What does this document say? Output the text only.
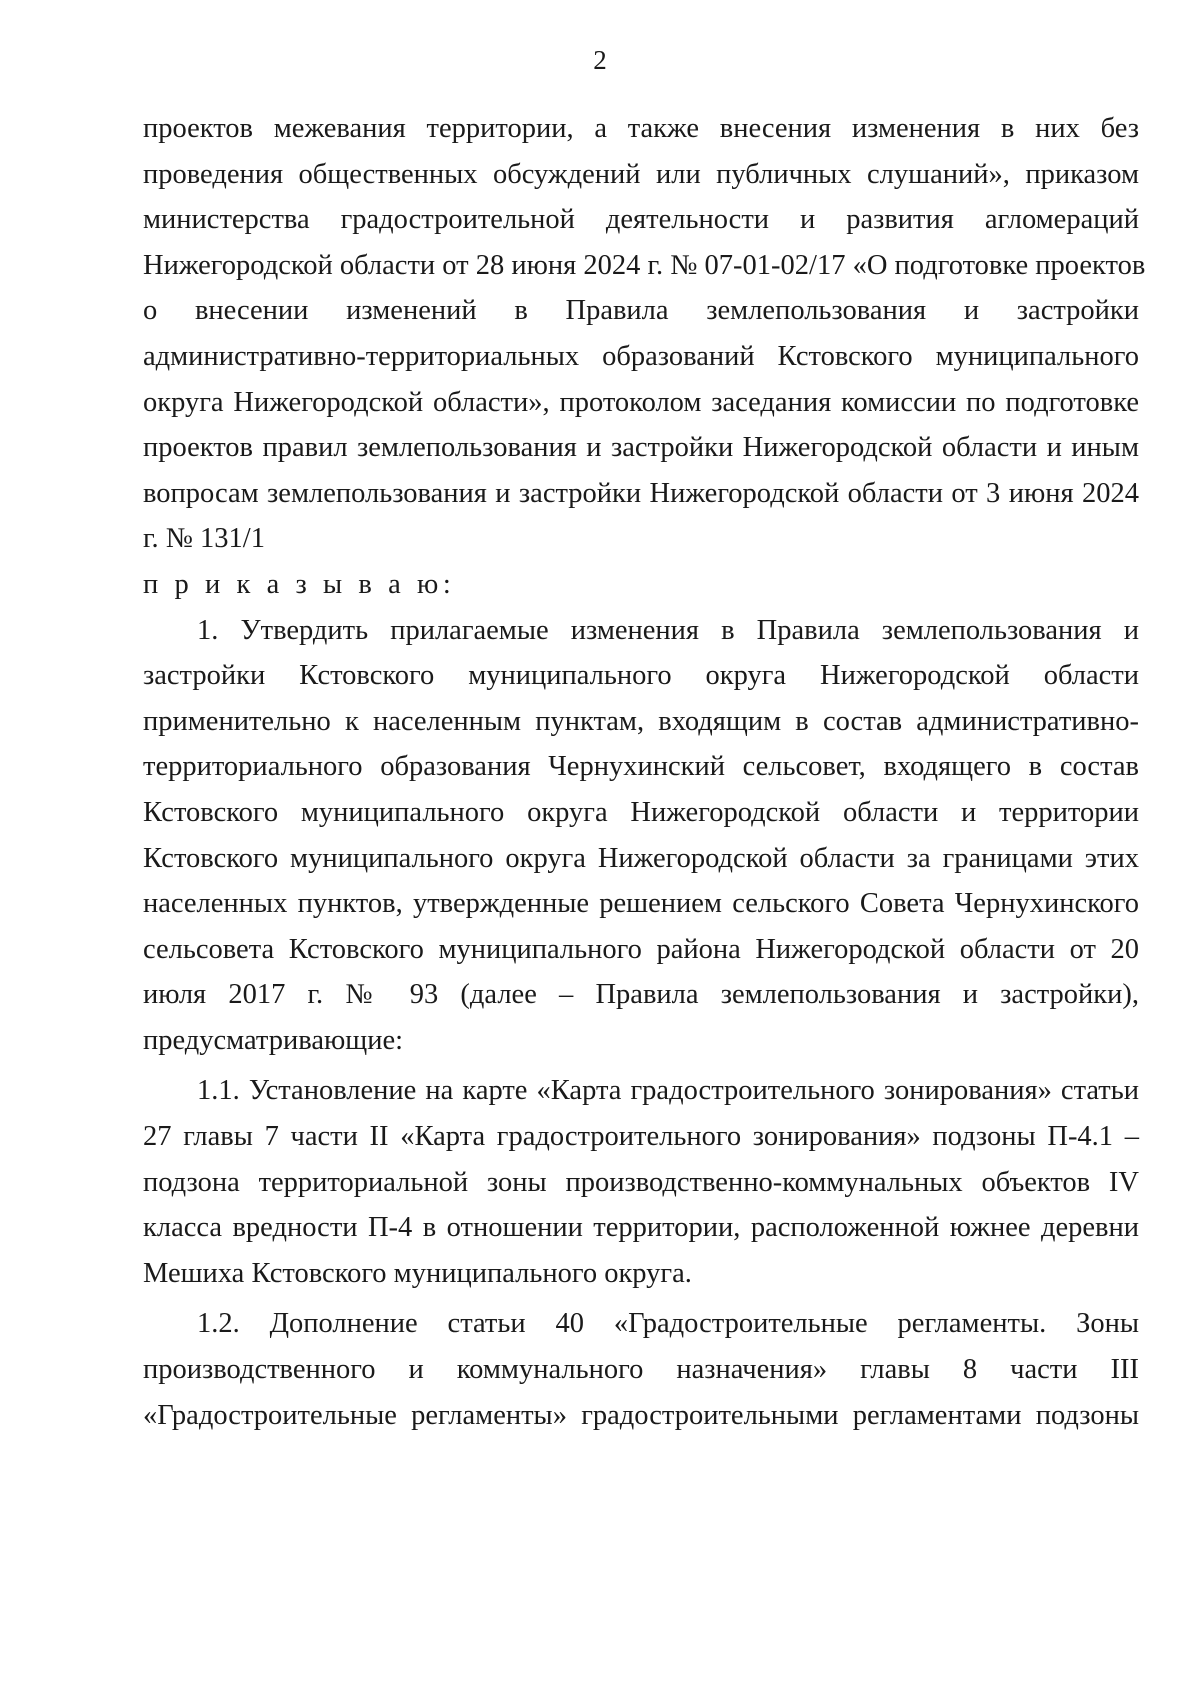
2
проектов межевания территории, а также внесения изменения в них без
проведения общественных обсуждений или публичных слушаний», приказом
министерства градостроительной деятельности и развития агломераций
Нижегородской области от 28 июня 2024 г. № 07-01-02/17 «О подготовке проектов
о внесении изменений в Правила землепользования и застройки
административно-территориальных образований Кстовского муниципального
округа Нижегородской области», протоколом заседания комиссии по подготовке
проектов правил землепользования и застройки Нижегородской области и иным
вопросам землепользования и застройки Нижегородской области от 3 июня 2024
г. № 131/1
п р и к а з ы в а ю:
1. Утвердить прилагаемые изменения в Правила землепользования и
застройки Кстовского муниципального округа Нижегородской области
применительно к населенным пунктам, входящим в состав административно-
территориального образования Чернухинский сельсовет, входящего в состав
Кстовского муниципального округа Нижегородской области и территории
Кстовского муниципального округа Нижегородской области за границами этих
населенных пунктов, утвержденные решением сельского Совета Чернухинского
сельсовета Кстовского муниципального района Нижегородской области от 20
июля 2017 г. № 93 (далее – Правила землепользования и застройки),
предусматривающие:
1.1. Установление на карте «Карта градостроительного зонирования» статьи
27 главы 7 части II «Карта градостроительного зонирования» подзоны П-4.1 –
подзона территориальной зоны производственно-коммунальных объектов IV
класса вредности П-4 в отношении территории, расположенной южнее деревни
Мешиха Кстовского муниципального округа.
1.2. Дополнение статьи 40 «Градостроительные регламенты. Зоны
производственного и коммунального назначения» главы 8 части III
«Градостроительные регламенты» градостроительными регламентами подзоны
